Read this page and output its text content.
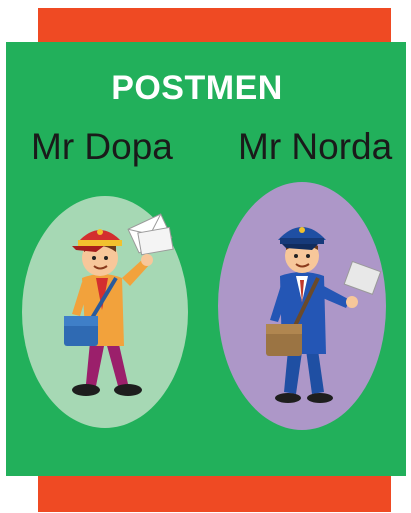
POSTMEN
Mr Dopa Mr Norda
